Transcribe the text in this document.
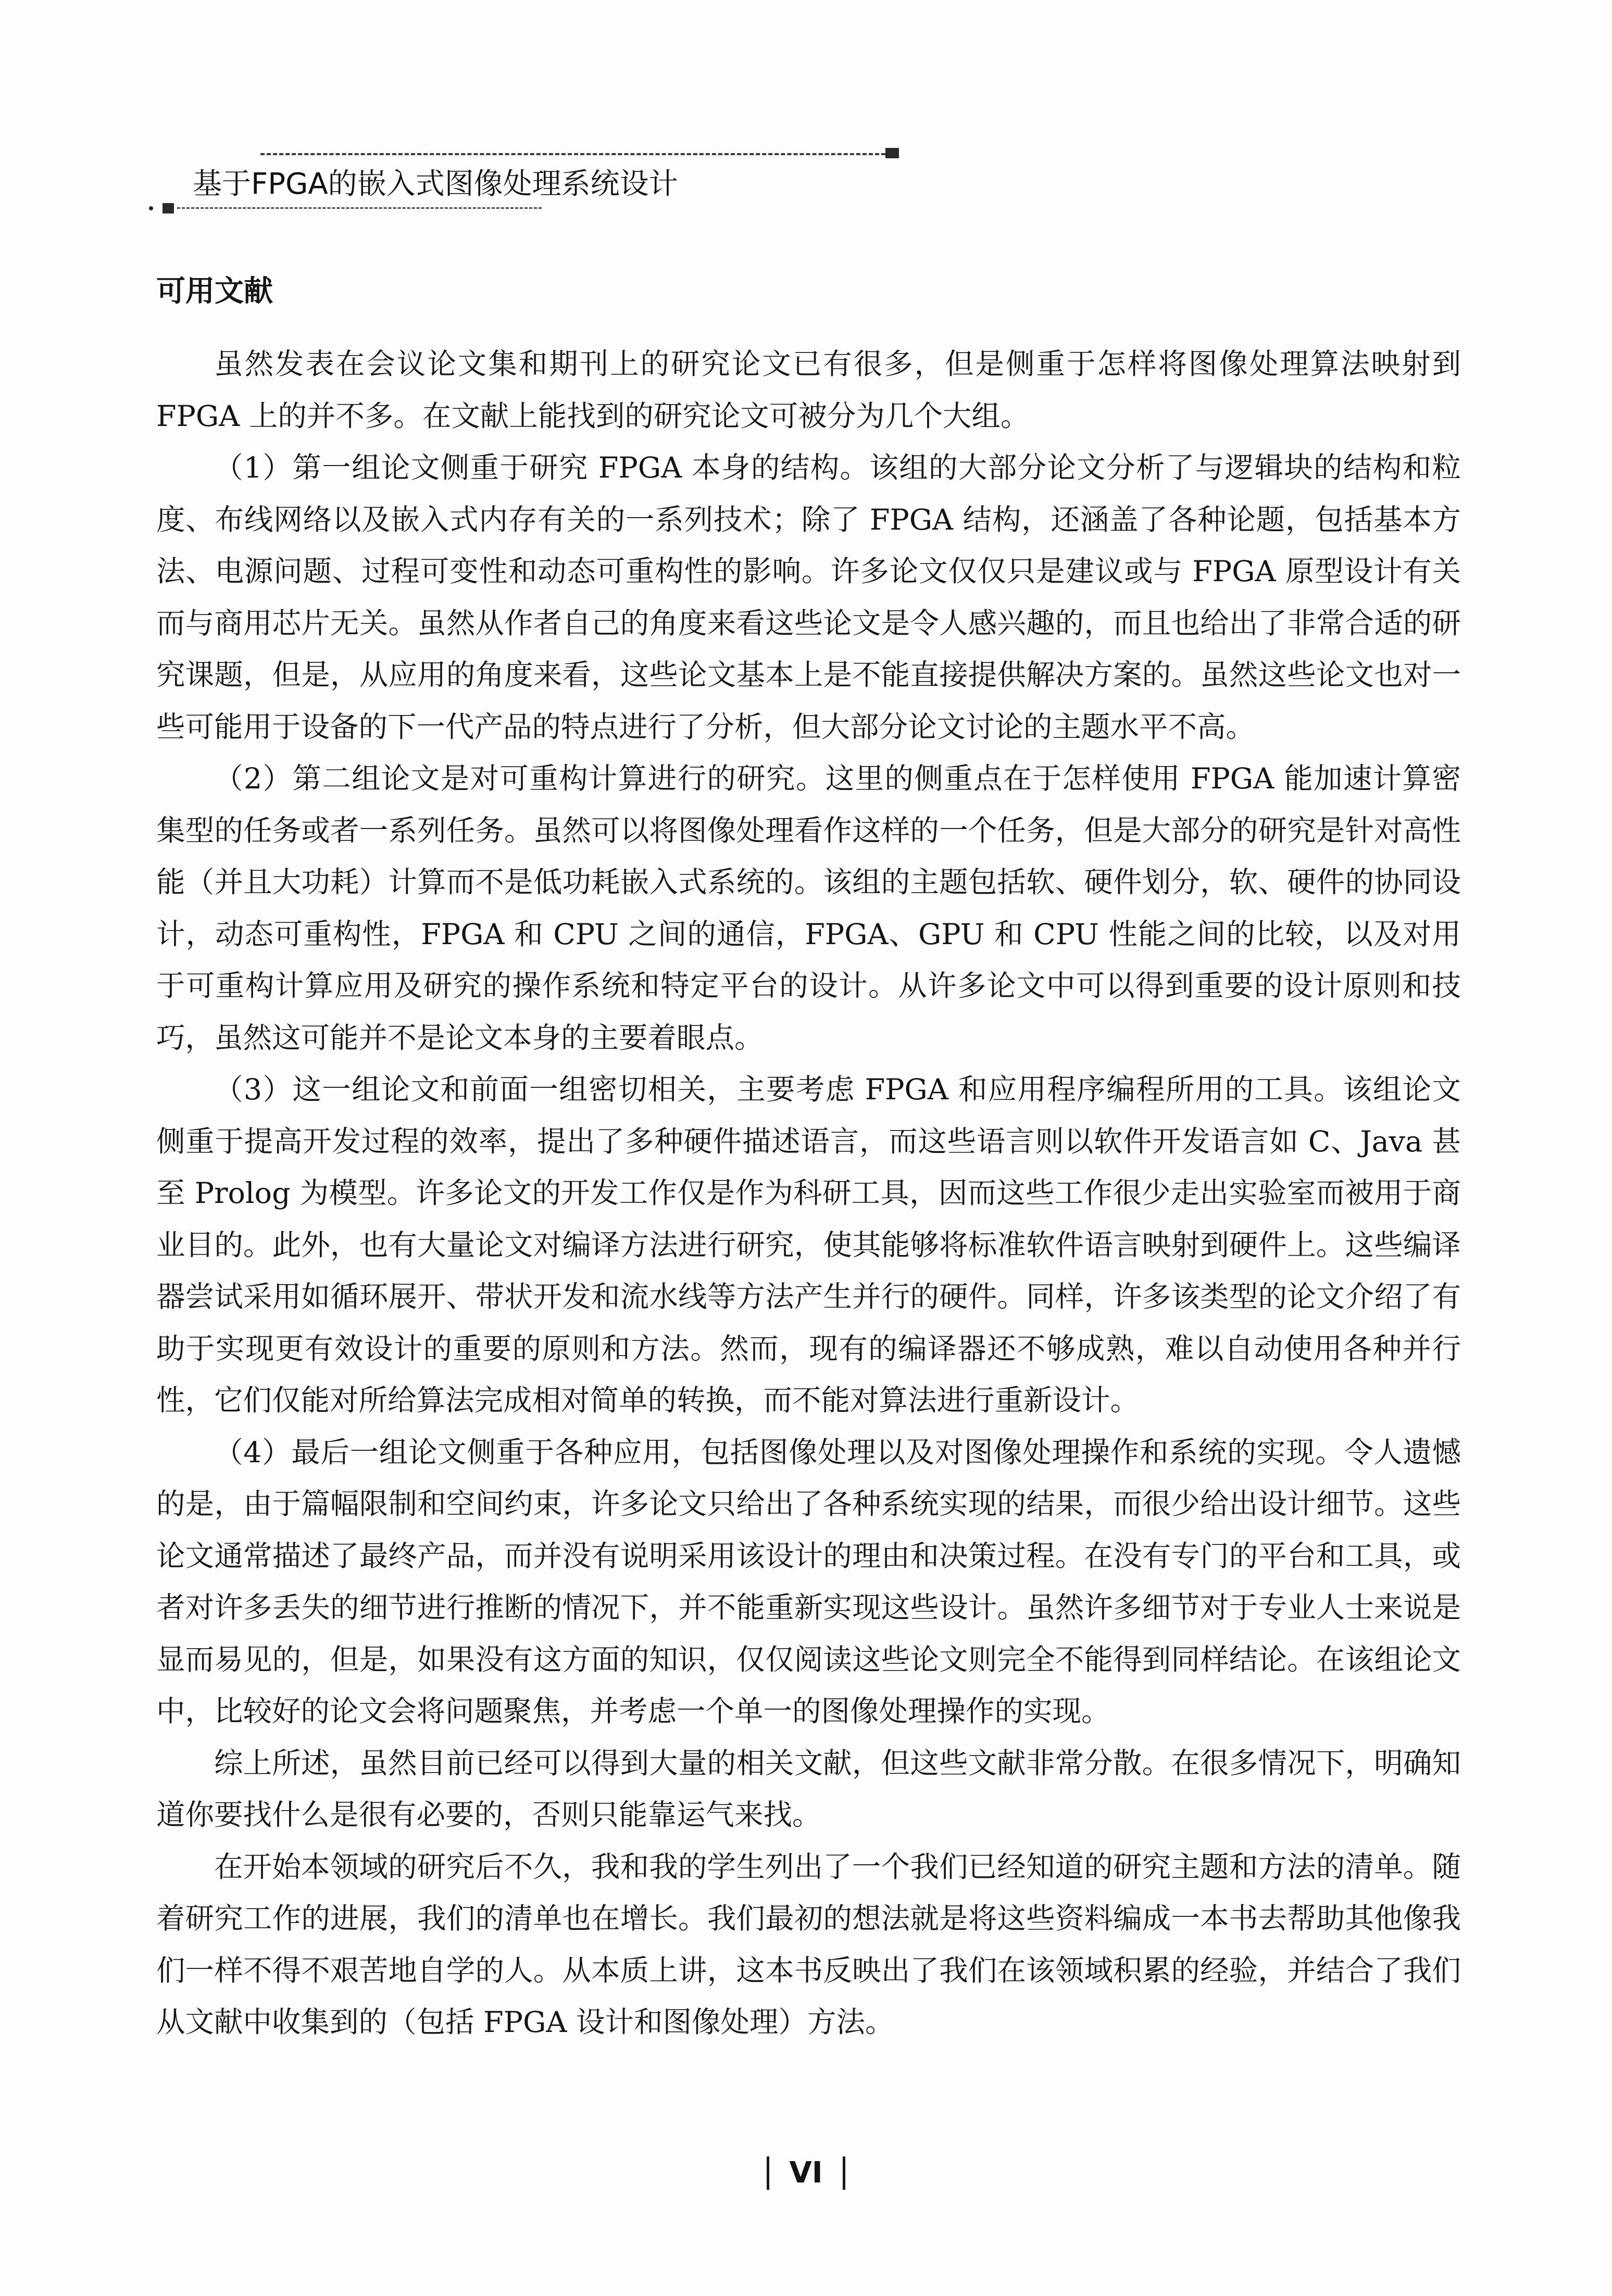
基于FPGA的嵌入式图像处理系统设计
可用文献

虽然发表在会议论文集和期刊上的研究论文已有很多，但是侧重于怎样将图像处理算法映射到 FPGA 上的并不多。在文献上能找到的研究论文可被分为几个大组。

（1）第一组论文侧重于研究 FPGA 本身的结构。该组的大部分论文分析了与逻辑块的结构和粒度、布线网络以及嵌入式内存有关的一系列技术；除了 FPGA 结构，还涵盖了各种论题，包括基本方法、电源问题、过程可变性和动态可重构性的影响。许多论文仅仅只是建议或与 FPGA 原型设计有关而与商用芯片无关。虽然从作者自己的角度来看这些论文是令人感兴趣的，而且也给出了非常合适的研究课题，但是，从应用的角度来看，这些论文基本上是不能直接提供解决方案的。虽然这些论文也对一些可能用于设备的下一代产品的特点进行了分析，但大部分论文讨论的主题水平不高。

（2）第二组论文是对可重构计算进行的研究。这里的侧重点在于怎样使用 FPGA 能加速计算密集型的任务或者一系列任务。虽然可以将图像处理看作这样的一个任务，但是大部分的研究是针对高性能（并且大功耗）计算而不是低功耗嵌入式系统的。该组的主题包括软、硬件划分，软、硬件的协同设计，动态可重构性，FPGA 和 CPU 之间的通信，FPGA、GPU 和 CPU 性能之间的比较，以及对用于可重构计算应用及研究的操作系统和特定平台的设计。从许多论文中可以得到重要的设计原则和技巧，虽然这可能并不是论文本身的主要着眼点。

（3）这一组论文和前面一组密切相关，主要考虑 FPGA 和应用程序编程所用的工具。该组论文侧重于提高开发过程的效率，提出了多种硬件描述语言，而这些语言则以软件开发语言如 C、Java 甚至 Prolog 为模型。许多论文的开发工作仅是作为科研工具，因而这些工作很少走出实验室而被用于商业目的。此外，也有大量论文对编译方法进行研究，使其能够将标准软件语言映射到硬件上。这些编译器尝试采用如循环展开、带状开发和流水线等方法产生并行的硬件。同样，许多该类型的论文介绍了有助于实现更有效设计的重要的原则和方法。然而，现有的编译器还不够成熟，难以自动使用各种并行性，它们仅能对所给算法完成相对简单的转换，而不能对算法进行重新设计。

（4）最后一组论文侧重于各种应用，包括图像处理以及对图像处理操作和系统的实现。令人遗憾的是，由于篇幅限制和空间约束，许多论文只给出了各种系统实现的结果，而很少给出设计细节。这些论文通常描述了最终产品，而并没有说明采用该设计的理由和决策过程。在没有专门的平台和工具，或者对许多丢失的细节进行推断的情况下，并不能重新实现这些设计。虽然许多细节对于专业人士来说是显而易见的，但是，如果没有这方面的知识，仅仅阅读这些论文则完全不能得到同样结论。在该组论文中，比较好的论文会将问题聚焦，并考虑一个单一的图像处理操作的实现。

综上所述，虽然目前已经可以得到大量的相关文献，但这些文献非常分散。在很多情况下，明确知道你要找什么是很有必要的，否则只能靠运气来找。

在开始本领域的研究后不久，我和我的学生列出了一个我们已经知道的研究主题和方法的清单。随着研究工作的进展，我们的清单也在增长。我们最初的想法就是将这些资料编成一本书去帮助其他像我们一样不得不艰苦地自学的人。从本质上讲，这本书反映出了我们在该领域积累的经验，并结合了我们从文献中收集到的（包括 FPGA 设计和图像处理）方法。

VI
